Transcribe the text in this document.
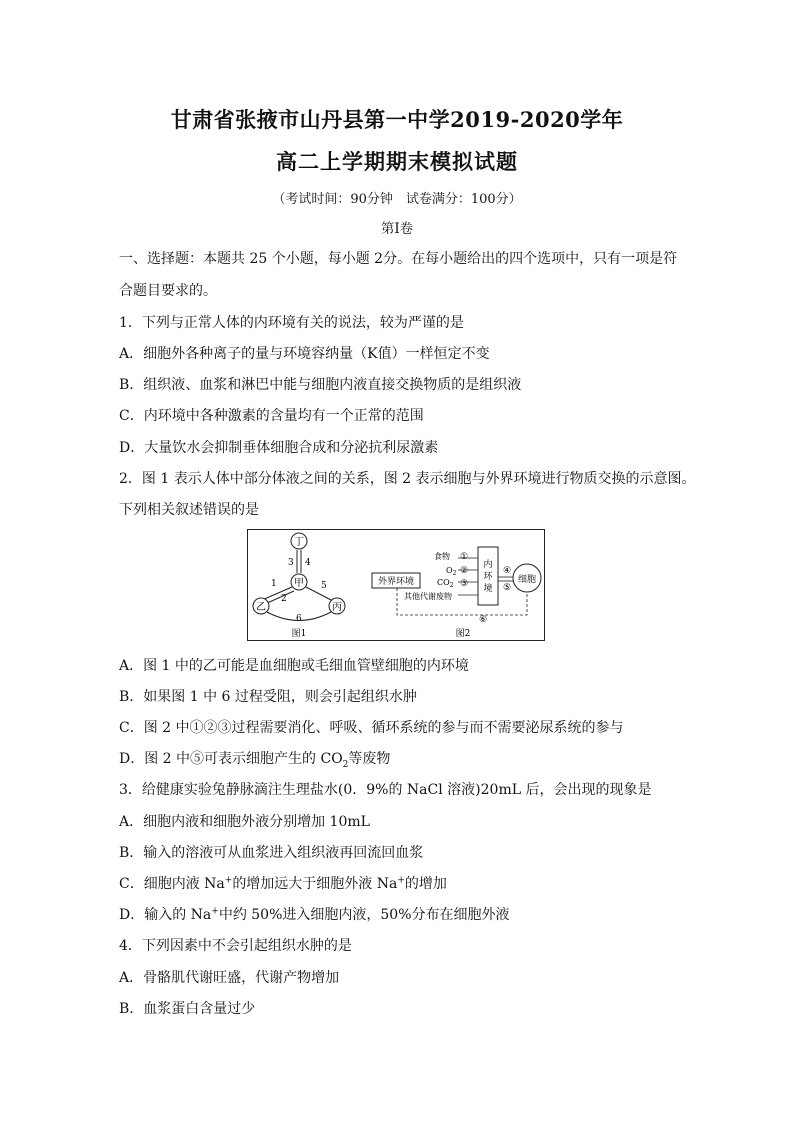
甘肃省张掖市山丹县第一中学2019-2020学年
高二上学期期末模拟试题
（考试时间：90分钟　试卷满分：100分）
第Ⅰ卷
一、选择题：本题共 25 个小题，每小题 2分。在每小题给出的四个选项中，只有一项是符
合题目要求的。
1．下列与正常人体的内环境有关的说法，较为严谨的是
A．细胞外各种离子的量与环境容纳量（K值）一样恒定不变
B．组织液、血浆和淋巴中能与细胞内液直接交换物质的是组织液
C．内环境中各种激素的含量均有一个正常的范围
D．大量饮水会抑制垂体细胞合成和分泌抗利尿激素
2．图 1 表示人体中部分体液之间的关系，图 2 表示细胞与外界环境进行物质交换的示意图。
下列相关叙述错误的是
丁
3 4
甲
1
2
5
乙	丙
6
图1
外界环境
食物
$O_2$
$CO_2$
其他代谢废物
①
②
③
内
环
境
④
⑤
细胞
⑥
图2
A．图 1 中的乙可能是血细胞或毛细血管壁细胞的内环境
B．如果图 1 中 6 过程受阻，则会引起组织水肿
C．图 2 中①②③过程需要消化、呼吸、循环系统的参与而不需要泌尿系统的参与
D．图 2 中⑤可表示细胞产生的 $CO_2$等废物
3．给健康实验兔静脉滴注生理盐水(0．9%的 NaCl 溶液)20mL 后，会出现的现象是
A．细胞内液和细胞外液分别增加 10mL
B．输入的溶液可从血浆进入组织液再回流回血浆
C．细胞内液 Na+的增加远大于细胞外液 Na+的增加
D．输入的 Na+中约 50%进入细胞内液，50%分布在细胞外液
4．下列因素中不会引起组织水肿的是
A．骨骼肌代谢旺盛，代谢产物增加
B．血浆蛋白含量过少
